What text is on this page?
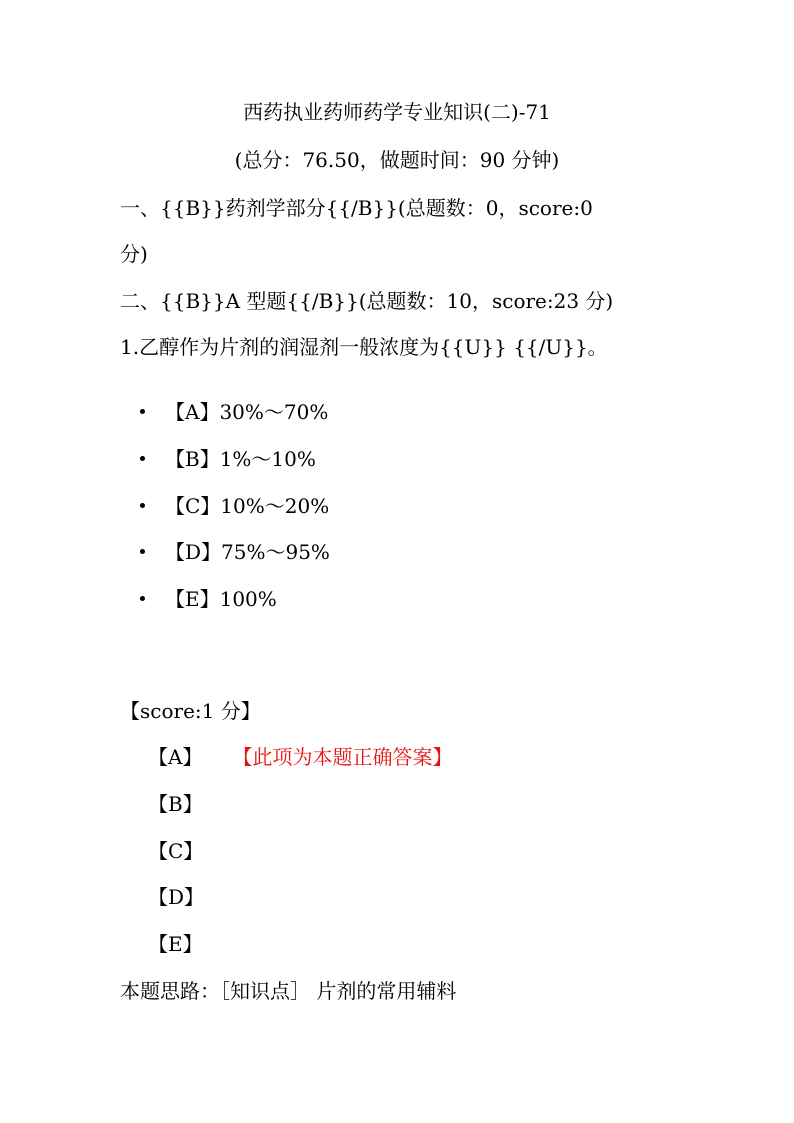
西药执业药师药学专业知识(二)-71
(总分：76.50，做题时间：90 分钟)
一、{{B}}药剂学部分{{/B}}(总题数：0，score:0
分)
二、{{B}}A 型题{{/B}}(总题数：10，score:23 分)
1.乙醇作为片剂的润湿剂一般浓度为{{U}} {{/U}}。
【A】30%～70%
【B】1%～10%
【C】10%～20%
【D】75%～95%
【E】100%
【score:1 分】
【A】 【此项为本题正确答案】
【B】
【C】
【D】
【E】
本题思路：［知识点］ 片剂的常用辅料
